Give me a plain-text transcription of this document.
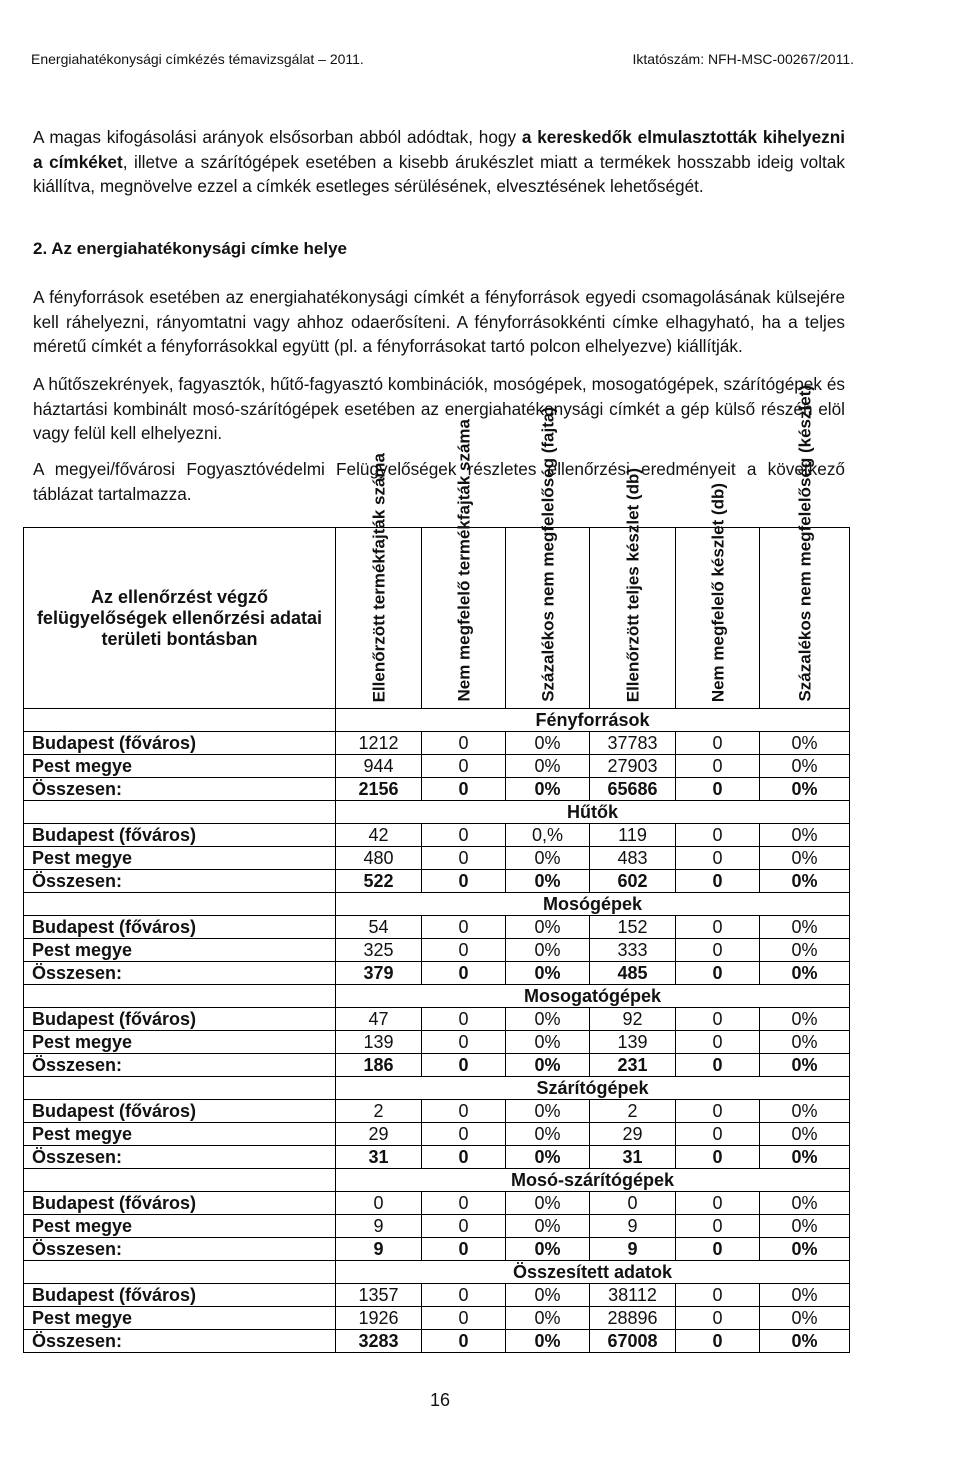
Energiahatékonysági címkézés témavizsgálat – 2011.	Iktatószám: NFH-MSC-00267/2011.
A magas kifogásolási arányok elsősorban abból adódtak, hogy a kereskedők elmulasztották kihelyezni a címkéket, illetve a szárítógépek esetében a kisebb árukészlet miatt a termékek hosszabb ideig voltak kiállítva, megnövelve ezzel a címkék esetleges sérülésének, elvesztésének lehetőségét.
2. Az energiahatékonysági címke helye
A fényforrások esetében az energiahatékonysági címkét a fényforrások egyedi csomagolásának külsejére kell ráhelyezni, rányomtatni vagy ahhoz odaerősíteni. A fényforrásokkénti címke elhagyható, ha a teljes méretű címkét a fényforrásokkal együtt (pl. a fényforrásokat tartó polcon elhelyezve) kiállítják.
A hűtőszekrények, fagyasztók, hűtő-fagyasztó kombinációk, mosógépek, mosogatógépek, szárítógépek és háztartási kombinált mosó-szárítógépek esetében az energiahatékonysági címkét a gép külső részén elöl vagy felül kell elhelyezni.
A megyei/fővárosi Fogyasztóvédelmi Felügyelőségek részletes ellenőrzési eredményeit a következő táblázat tartalmazza.
Az ellenőrzést végző felügyelőségek ellenőrzési adatai területi bontásban	Ellenőrzött termékfajták száma	Nem megfelelő termékfajták száma	Százalékos nem megfelelőség (fajta)	Ellenőrzött teljes készlet (db)	Nem megfelelő készlet (db)	Százalékos nem megfelelőség (készlet)

	Fényforrások					
Budapest (főváros)	1212	0	0%	37783	0	0%
Pest megye	944	0	0%	27903	0	0%
Összesen:	2156	0	0%	65686	0	0%
	Hűtők					
Budapest (főváros)	42	0	0,%	119	0	0%
Pest megye	480	0	0%	483	0	0%
Összesen:	522	0	0%	602	0	0%
	Mosógépek					
Budapest (főváros)	54	0	0%	152	0	0%
Pest megye	325	0	0%	333	0	0%
Összesen:	379	0	0%	485	0	0%
	Mosogatógépek					
Budapest (főváros)	47	0	0%	92	0	0%
Pest megye	139	0	0%	139	0	0%
Összesen:	186	0	0%	231	0	0%
	Szárítógépek					
Budapest (főváros)	2	0	0%	2	0	0%
Pest megye	29	0	0%	29	0	0%
Összesen:	31	0	0%	31	0	0%
	Mosó-szárítógépek					
Budapest (főváros)	0	0	0%	0	0	0%
Pest megye	9	0	0%	9	0	0%
Összesen:	9	0	0%	9	0	0%
	Összesített adatok					
Budapest (főváros)	1357	0	0%	38112	0	0%
Pest megye	1926	0	0%	28896	0	0%
Összesen:	3283	0	0%	67008	0	0%
16
